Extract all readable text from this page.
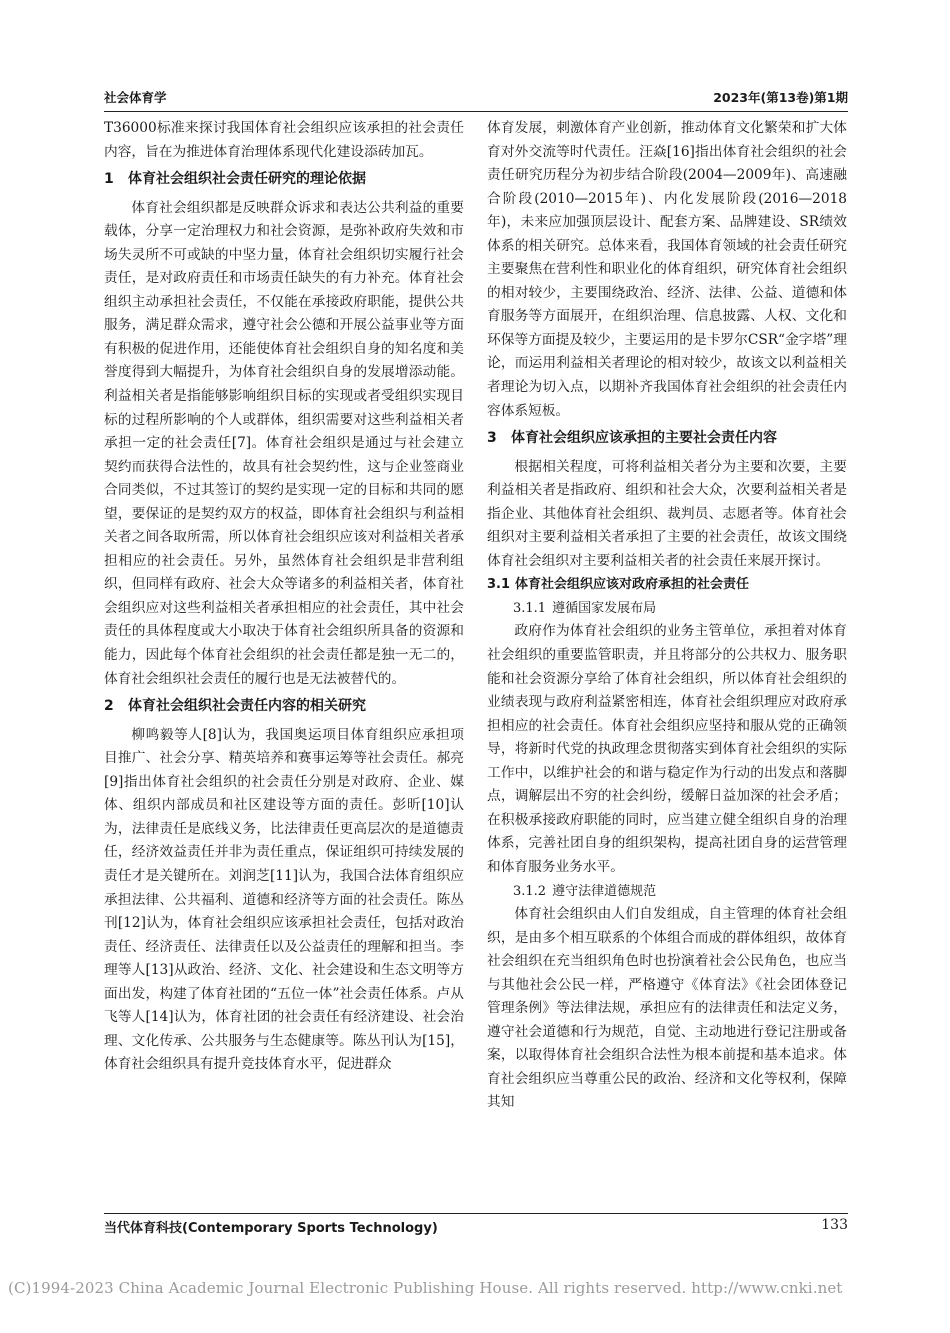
社会体育学	2023年(第13卷)第1期

T36000标准来探讨我国体育社会组织应该承担的社会责任内容，旨在为推进体育治理体系现代化建设添砖加瓦。

1 体育社会组织社会责任研究的理论依据

体育社会组织都是反映群众诉求和表达公共利益的重要载体，分享一定治理权力和社会资源，是弥补政府失效和市场失灵所不可或缺的中坚力量，体育社会组织切实履行社会责任，是对政府责任和市场责任缺失的有力补充。体育社会组织主动承担社会责任，不仅能在承接政府职能，提供公共服务，满足群众需求，遵守社会公德和开展公益事业等方面有积极的促进作用，还能使体育社会组织自身的知名度和美誉度得到大幅提升，为体育社会组织自身的发展增添动能。利益相关者是指能够影响组织目标的实现或者受组织实现目标的过程所影响的个人或群体，组织需要对这些利益相关者承担一定的社会责任[7]。体育社会组织是通过与社会建立契约而获得合法性的，故具有社会契约性，这与企业签商业合同类似，不过其签订的契约是实现一定的目标和共同的愿望，要保证的是契约双方的权益，即体育社会组织与利益相关者之间各取所需，所以体育社会组织应该对利益相关者承担相应的社会责任。另外，虽然体育社会组织是非营利组织，但同样有政府、社会大众等诸多的利益相关者，体育社会组织应对这些利益相关者承担相应的社会责任，其中社会责任的具体程度或大小取决于体育社会组织所具备的资源和能力，因此每个体育社会组织的社会责任都是独一无二的，体育社会组织社会责任的履行也是无法被替代的。

2 体育社会组织社会责任内容的相关研究

柳鸣毅等人[8]认为，我国奥运项目体育组织应承担项目推广、社会分享、精英培养和赛事运筹等社会责任。郝亮[9]指出体育社会组织的社会责任分别是对政府、企业、媒体、组织内部成员和社区建设等方面的责任。彭昕[10]认为，法律责任是底线义务，比法律责任更高层次的是道德责任，经济效益责任并非为责任重点，保证组织可持续发展的责任才是关键所在。刘润芝[11]认为，我国合法体育组织应承担法律、公共福利、道德和经济等方面的社会责任。陈丛刊[12]认为，体育社会组织应该承担社会责任，包括对政治责任、经济责任、法律责任以及公益责任的理解和担当。李理等人[13]从政治、经济、文化、社会建设和生态文明等方面出发，构建了体育社团的“五位一体”社会责任体系。卢从飞等人[14]认为，体育社团的社会责任有经济建设、社会治理、文化传承、公共服务与生态健康等。陈丛刊认为[15]，体育社会组织具有提升竞技体育水平，促进群众

体育发展，刺激体育产业创新，推动体育文化繁荣和扩大体育对外交流等时代责任。汪焱[16]指出体育社会组织的社会责任研究历程分为初步结合阶段(2004—2009年)、高速融合阶段(2010—2015年)、内化发展阶段(2016—2018年)，未来应加强顶层设计、配套方案、品牌建设、SR绩效体系的相关研究。总体来看，我国体育领域的社会责任研究主要聚焦在营利性和职业化的体育组织，研究体育社会组织的相对较少，主要围绕政治、经济、法律、公益、道德和体育服务等方面展开，在组织治理、信息披露、人权、文化和环保等方面提及较少，主要运用的是卡罗尔CSR“金字塔”理论，而运用利益相关者理论的相对较少，故该文以利益相关者理论为切入点，以期补齐我国体育社会组织的社会责任内容体系短板。

3 体育社会组织应该承担的主要社会责任内容

根据相关程度，可将利益相关者分为主要和次要，主要利益相关者是指政府、组织和社会大众，次要利益相关者是指企业、其他体育社会组织、裁判员、志愿者等。体育社会组织对主要利益相关者承担了主要的社会责任，故该文围绕体育社会组织对主要利益相关者的社会责任来展开探讨。

3.1 体育社会组织应该对政府承担的社会责任
3.1.1 遵循国家发展布局

政府作为体育社会组织的业务主管单位，承担着对体育社会组织的重要监管职责，并且将部分的公共权力、服务职能和社会资源分享给了体育社会组织，所以体育社会组织的业绩表现与政府利益紧密相连，体育社会组织理应对政府承担相应的社会责任。体育社会组织应坚持和服从党的正确领导，将新时代党的执政理念贯彻落实到体育社会组织的实际工作中，以维护社会的和谐与稳定作为行动的出发点和落脚点，调解层出不穷的社会纠纷，缓解日益加深的社会矛盾；在积极承接政府职能的同时，应当建立健全组织自身的治理体系，完善社团自身的组织架构，提高社团自身的运营管理和体育服务业务水平。

3.1.2 遵守法律道德规范

体育社会组织由人们自发组成，自主管理的体育社会组织，是由多个相互联系的个体组合而成的群体组织，故体育社会组织在充当组织角色时也扮演着社会公民角色，也应当与其他社会公民一样，严格遵守《体育法》《社会团体登记管理条例》等法律法规，承担应有的法律责任和法定义务，遵守社会道德和行为规范，自觉、主动地进行登记注册或备案，以取得体育社会组织合法性为根本前提和基本追求。体育社会组织应当尊重公民的政治、经济和文化等权利，保障其知

当代体育科技(Contemporary Sports Technology)	133
(C)1994-2023 China Academic Journal Electronic Publishing House. All rights reserved. http://www.cnki.net
